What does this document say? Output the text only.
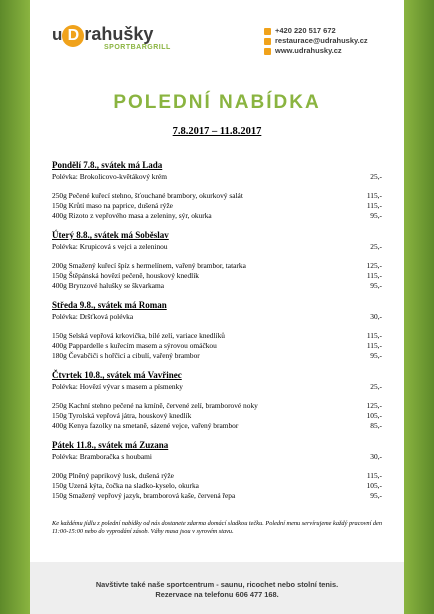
u D rahušky
SPORTBARGRILL
+420 220 517 672
restaurace@udrahusky.cz
www.udrahusky.cz
POLEDNÍ NABÍDKA
7.8.2017 – 11.8.2017
Pondělí 7.8., svátek má Lada
Polévka: Brokolicovo-květákový krém	25,-
250g Pečené kuřecí stehno, šťouchané brambory, okurkový salát	115,-
150g Krůtí maso na paprice, dušená rýže	115,-
400g Rizoto z vepřového masa a zeleniny, sýr, okurka	95,-
Úterý 8.8., svátek má Soběslav
Polévka: Krupicová s vejci a zeleninou	25,-
200g Smažený kuřecí špíz s hermelínem, vařený brambor, tatarka	125,-
150g Štěpánská hovězí pečeně, houskový knedlík	115,-
400g Brynzové halušky se škvarkama	95,-
Středa 9.8., svátek má Roman
Polévka: Dršťková polévka	30,-
150g Selská vepřová krkovička, bílé zelí, variace knedlíků	115,-
400g Pappardelle s kuřecím masem a sýrovou omáčkou	115,-
180g Čevabčiči s hořčicí a cibulí, vařený brambor	95,-
Čtvrtek 10.8., svátek má Vavřinec
Polévka: Hovězí vývar s masem a písmenky	25,-
250g Kachní stehno pečené na kmíně, červené zelí, bramborové noky	125,-
150g Tyrolská vepřová játra, houskový knedlík	105,-
400g Kenya fazolky na smetaně, sázené vejce, vařený brambor	85,-
Pátek 11.8., svátek má Zuzana
Polévka: Bramboračka s houbami	30,-
200g Plněný paprikový lusk, dušená rýže	115,-
150g Uzená kýta, čočka na sladko-kyselo, okurka	105,-
150g Smažený vepřový jazyk, bramborová kaše, červená řepa	95,-
Ke každému jídlu z polední nabídky od nás dostanete zdarma domácí sladkou tečku. Polední menu servírujeme každý pracovní den 11:00-15:00 nebo do vyprodání zásob. Váhy masa jsou v syrovém stavu.
Navštivte také naše sportcentrum - saunu, ricochet nebo stolní tenis.
Rezervace na telefonu 606 477 168.
